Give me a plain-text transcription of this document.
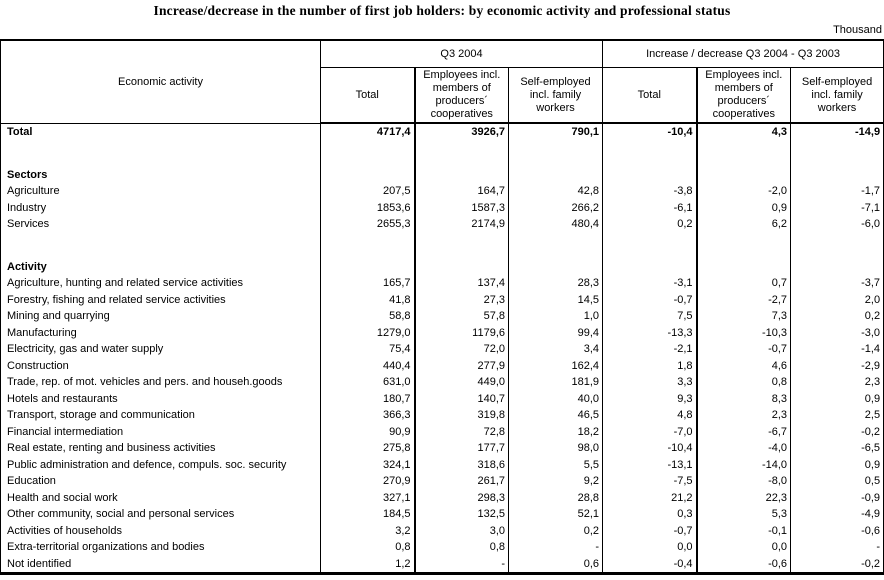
Increase/decrease in the number of first job holders: by economic activity and professional status
Thousand
Economic activity	Q3 2004			Increase / decrease Q3 2004 - Q3 2003		
	Total	Employees incl. members of producers´ cooperatives	Self-employed incl. family workers	Total	Employees incl. members of producers´ cooperatives	Self-employed incl. family workers
Total	4717,4	3926,7	790,1	-10,4	4,3	-14,9

Sectors						
Agriculture	207,5	164,7	42,8	-3,8	-2,0	-1,7
Industry	1853,6	1587,3	266,2	-6,1	0,9	-7,1
Services	2655,3	2174,9	480,4	0,2	6,2	-6,0

Activity						
Agriculture, hunting and related service activities	165,7	137,4	28,3	-3,1	0,7	-3,7
Forestry, fishing and related service activities	41,8	27,3	14,5	-0,7	-2,7	2,0
Mining and quarrying	58,8	57,8	1,0	7,5	7,3	0,2
Manufacturing	1279,0	1179,6	99,4	-13,3	-10,3	-3,0
Electricity, gas and water supply	75,4	72,0	3,4	-2,1	-0,7	-1,4
Construction	440,4	277,9	162,4	1,8	4,6	-2,9
Trade, rep. of mot. vehicles and pers. and househ.goods	631,0	449,0	181,9	3,3	0,8	2,3
Hotels and restaurants	180,7	140,7	40,0	9,3	8,3	0,9
Transport, storage and communication	366,3	319,8	46,5	4,8	2,3	2,5
Financial intermediation	90,9	72,8	18,2	-7,0	-6,7	-0,2
Real estate, renting and business activities	275,8	177,7	98,0	-10,4	-4,0	-6,5
Public administration and defence, compuls. soc. security	324,1	318,6	5,5	-13,1	-14,0	0,9
Education	270,9	261,7	9,2	-7,5	-8,0	0,5
Health and social work	327,1	298,3	28,8	21,2	22,3	-0,9
Other community, social and personal services	184,5	132,5	52,1	0,3	5,3	-4,9
Activities of households	3,2	3,0	0,2	-0,7	-0,1	-0,6
Extra-territorial organizations and bodies	0,8	0,8	-	0,0	0,0	-
Not identified	1,2	-	0,6	-0,4	-0,6	-0,2
